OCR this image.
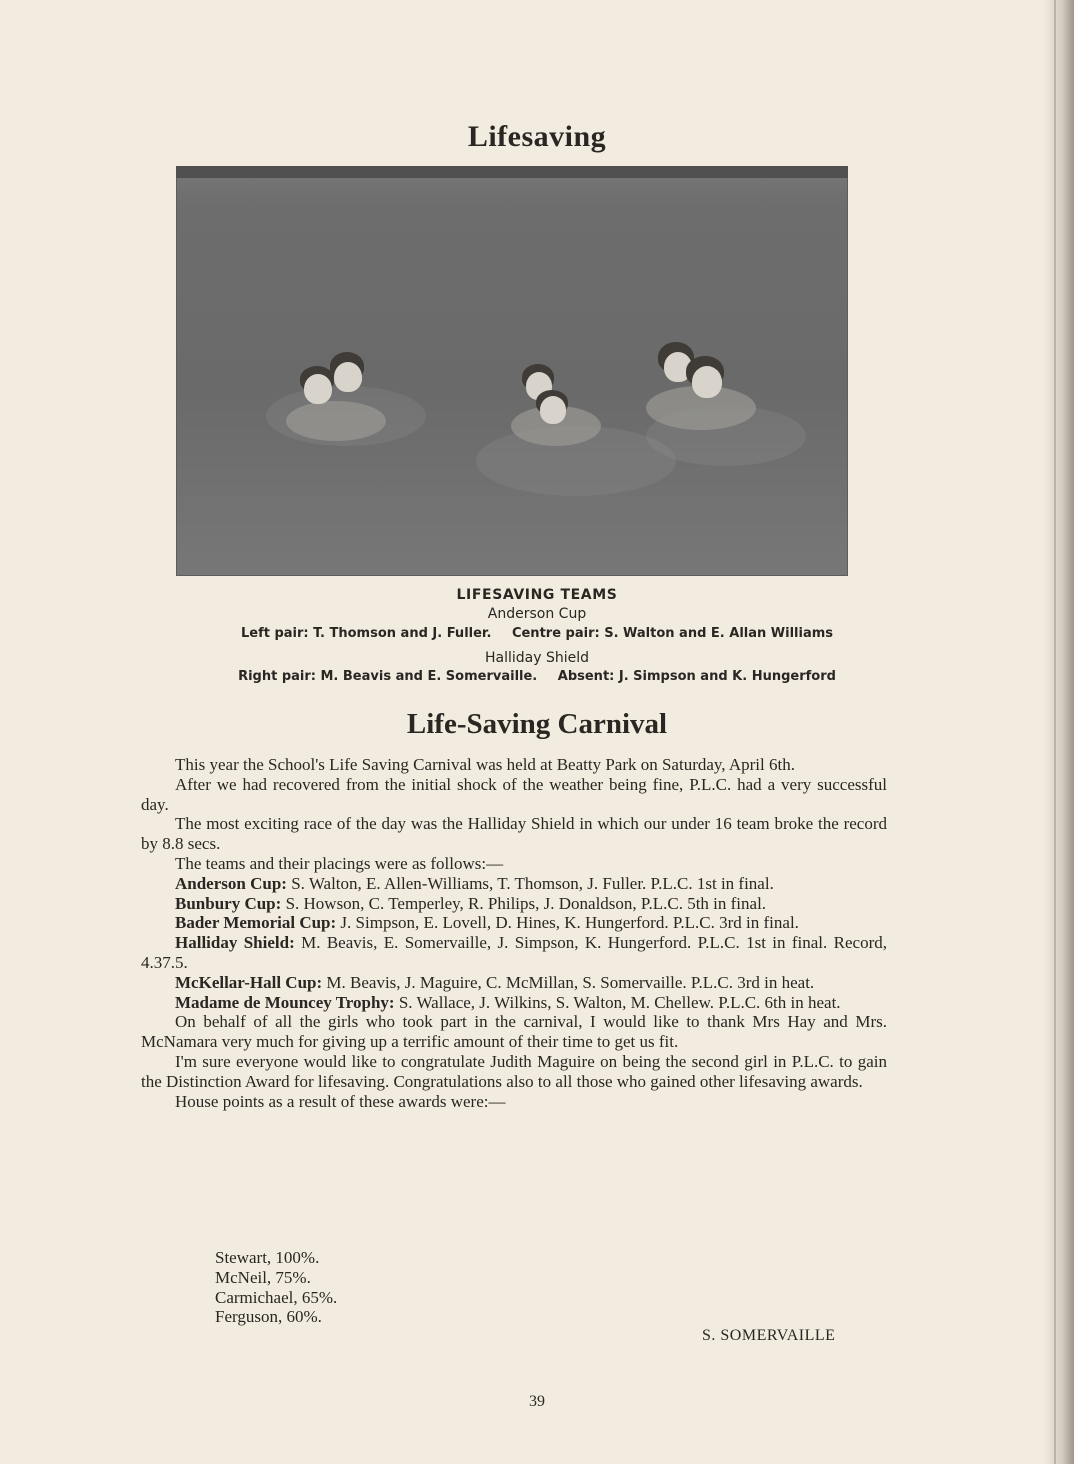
Lifesaving
LIFESAVING TEAMS
Anderson Cup
Left pair: T. Thomson and J. Fuller. Centre pair: S. Walton and E. Allan Williams
Halliday Shield
Right pair: M. Beavis and E. Somervaille. Absent: J. Simpson and K. Hungerford
Life-Saving Carnival

This year the School's Life Saving Carnival was held at Beatty Park on Saturday, April 6th.

After we had recovered from the initial shock of the weather being fine, P.L.C. had a very successful day.

The most exciting race of the day was the Halliday Shield in which our under 16 team broke the record by 8.8 secs.

The teams and their placings were as follows:—

Anderson Cup: S. Walton, E. Allen-Williams, T. Thomson, J. Fuller. P.L.C. 1st in final.

Bunbury Cup: S. Howson, C. Temperley, R. Philips, J. Donaldson, P.L.C. 5th in final.

Bader Memorial Cup: J. Simpson, E. Lovell, D. Hines, K. Hungerford. P.L.C. 3rd in final.

Halliday Shield: M. Beavis, E. Somervaille, J. Simpson, K. Hungerford. P.L.C. 1st in final. Record, 4.37.5.

McKellar-Hall Cup: M. Beavis, J. Maguire, C. McMillan, S. Somervaille. P.L.C. 3rd in heat.

Madame de Mouncey Trophy: S. Wallace, J. Wilkins, S. Walton, M. Chellew. P.L.C. 6th in heat.

On behalf of all the girls who took part in the carnival, I would like to thank Mrs Hay and Mrs. McNamara very much for giving up a terrific amount of their time to get us fit.

I'm sure everyone would like to congratulate Judith Maguire on being the second girl in P.L.C. to gain the Distinction Award for lifesaving. Congratulations also to all those who gained other lifesaving awards.

House points as a result of these awards were:—

Stewart, 100%.
McNeil, 75%.
Carmichael, 65%.
Ferguson, 60%.
S. SOMERVAILLE
39
